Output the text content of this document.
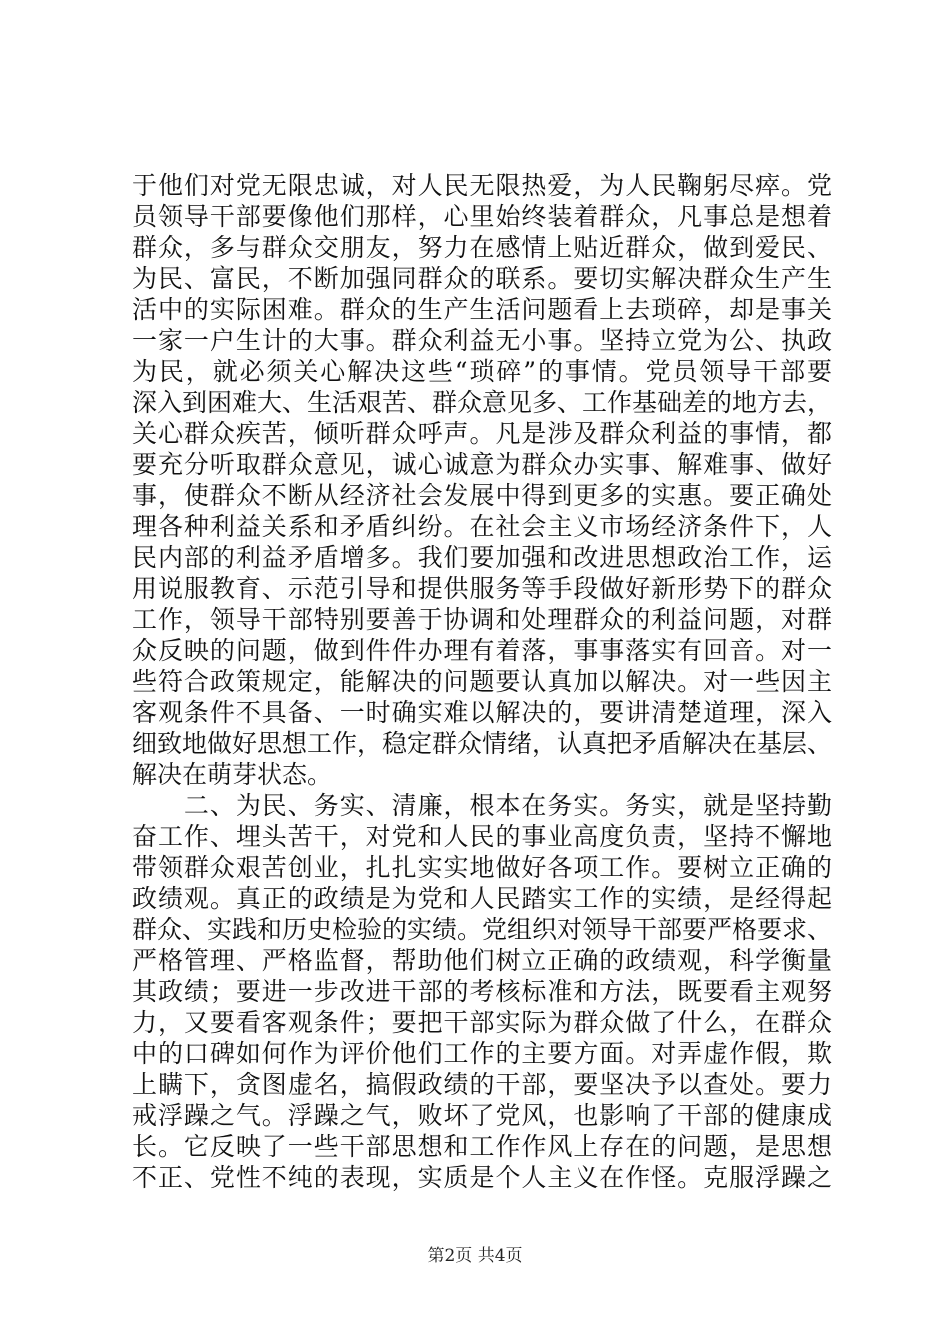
于他们对党无限忠诚，对人民无限热爱，为人民鞠躬尽瘁。党
员领导干部要像他们那样，心里始终装着群众，凡事总是想着
群众，多与群众交朋友，努力在感情上贴近群众，做到爱民、
为民、富民，不断加强同群众的联系。要切实解决群众生产生
活中的实际困难。群众的生产生活问题看上去琐碎，却是事关
一家一户生计的大事。群众利益无小事。坚持立党为公、执政
为民，就必须关心解决这些“琐碎”的事情。党员领导干部要
深入到困难大、生活艰苦、群众意见多、工作基础差的地方去，
关心群众疾苦，倾听群众呼声。凡是涉及群众利益的事情，都
要充分听取群众意见，诚心诚意为群众办实事、解难事、做好
事，使群众不断从经济社会发展中得到更多的实惠。要正确处
理各种利益关系和矛盾纠纷。在社会主义市场经济条件下，人
民内部的利益矛盾增多。我们要加强和改进思想政治工作，运
用说服教育、示范引导和提供服务等手段做好新形势下的群众
工作，领导干部特别要善于协调和处理群众的利益问题，对群
众反映的问题，做到件件办理有着落，事事落实有回音。对一
些符合政策规定，能解决的问题要认真加以解决。对一些因主
客观条件不具备、一时确实难以解决的，要讲清楚道理，深入
细致地做好思想工作，稳定群众情绪，认真把矛盾解决在基层、
解决在萌芽状态。
　　二、为民、务实、清廉，根本在务实。务实，就是坚持勤
奋工作、埋头苦干，对党和人民的事业高度负责，坚持不懈地
带领群众艰苦创业，扎扎实实地做好各项工作。要树立正确的
政绩观。真正的政绩是为党和人民踏实工作的实绩，是经得起
群众、实践和历史检验的实绩。党组织对领导干部要严格要求、
严格管理、严格监督，帮助他们树立正确的政绩观，科学衡量
其政绩；要进一步改进干部的考核标准和方法，既要看主观努
力，又要看客观条件；要把干部实际为群众做了什么，在群众
中的口碑如何作为评价他们工作的主要方面。对弄虚作假，欺
上瞒下，贪图虚名，搞假政绩的干部，要坚决予以查处。要力
戒浮躁之气。浮躁之气，败坏了党风，也影响了干部的健康成
长。它反映了一些干部思想和工作作风上存在的问题，是思想
不正、党性不纯的表现，实质是个人主义在作怪。克服浮躁之
第2页 共4页
